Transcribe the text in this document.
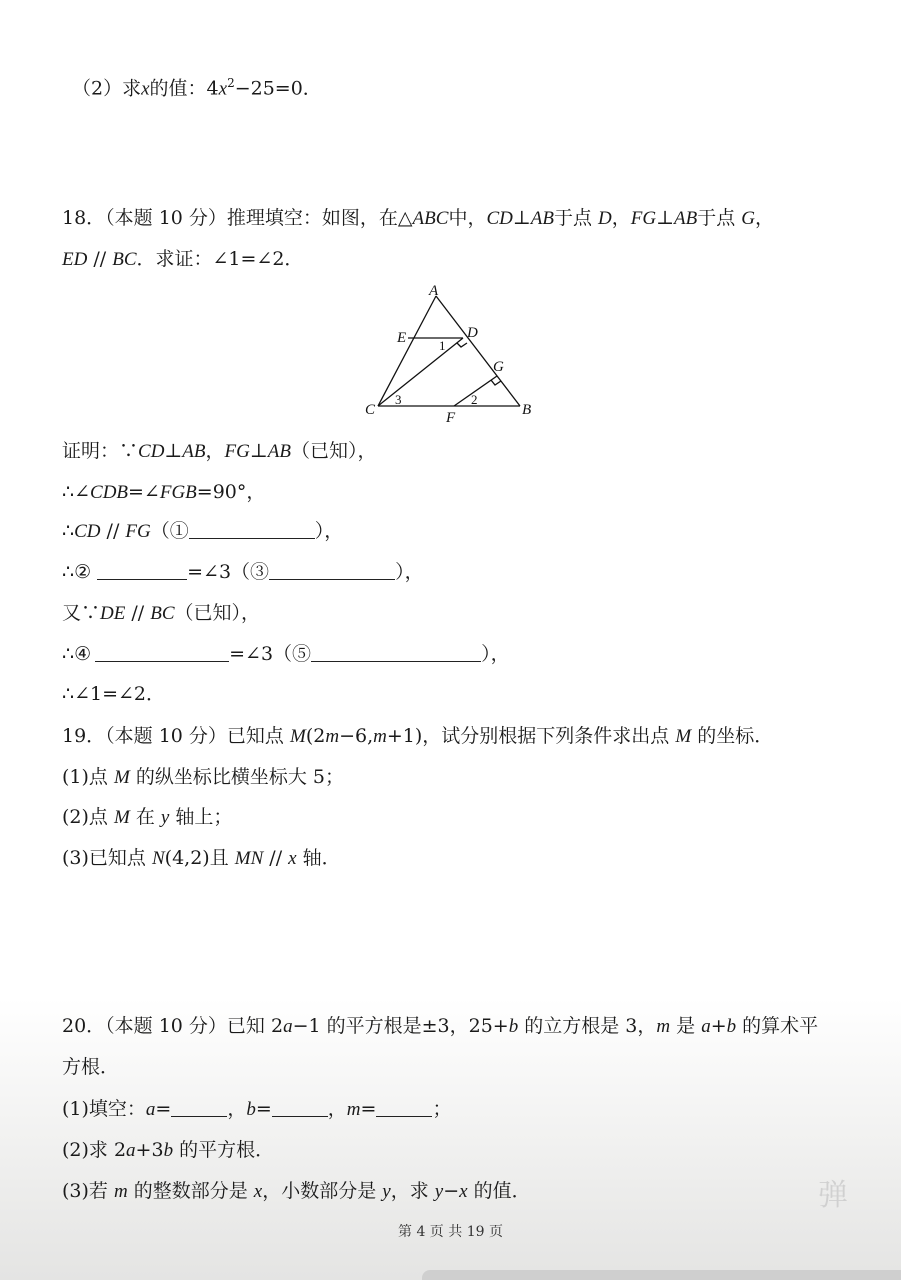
（2）求x的值：$4x^2-25=0$．
18．（本题 10 分）推理填空：如图，在△ABC中，CD⊥AB于点 D，FG⊥AB于点 G，
ED // BC．求证：∠1=∠2．
A
E	D
G
C	F	B
1
2
3
证明：∵CD⊥AB，FG⊥AB（已知），
∴∠CDB=∠FGB=90°，
∴CD // FG（①	），
∴②	=∠3（③	），
又∵DE // BC（已知），
∴④	=∠3（⑤	），
∴∠1=∠2．
19．（本题 10 分）已知点 M(2m−6,m+1)，试分别根据下列条件求出点 M 的坐标．
(1)点 M 的纵坐标比横坐标大 5；
(2)点 M 在 y 轴上；
(3)已知点 N(4,2)且 MN // x 轴．
20．（本题 10 分）已知 2a−1 的平方根是±3，25+b 的立方根是 3，m 是 a+b 的算术平
方根．
(1)填空：a=	，b=	，m=	；
(2)求 2a+3b 的平方根．
(3)若 m 的整数部分是 x，小数部分是 y，求 y−x 的值．
第 4 页 共 19 页
弹
